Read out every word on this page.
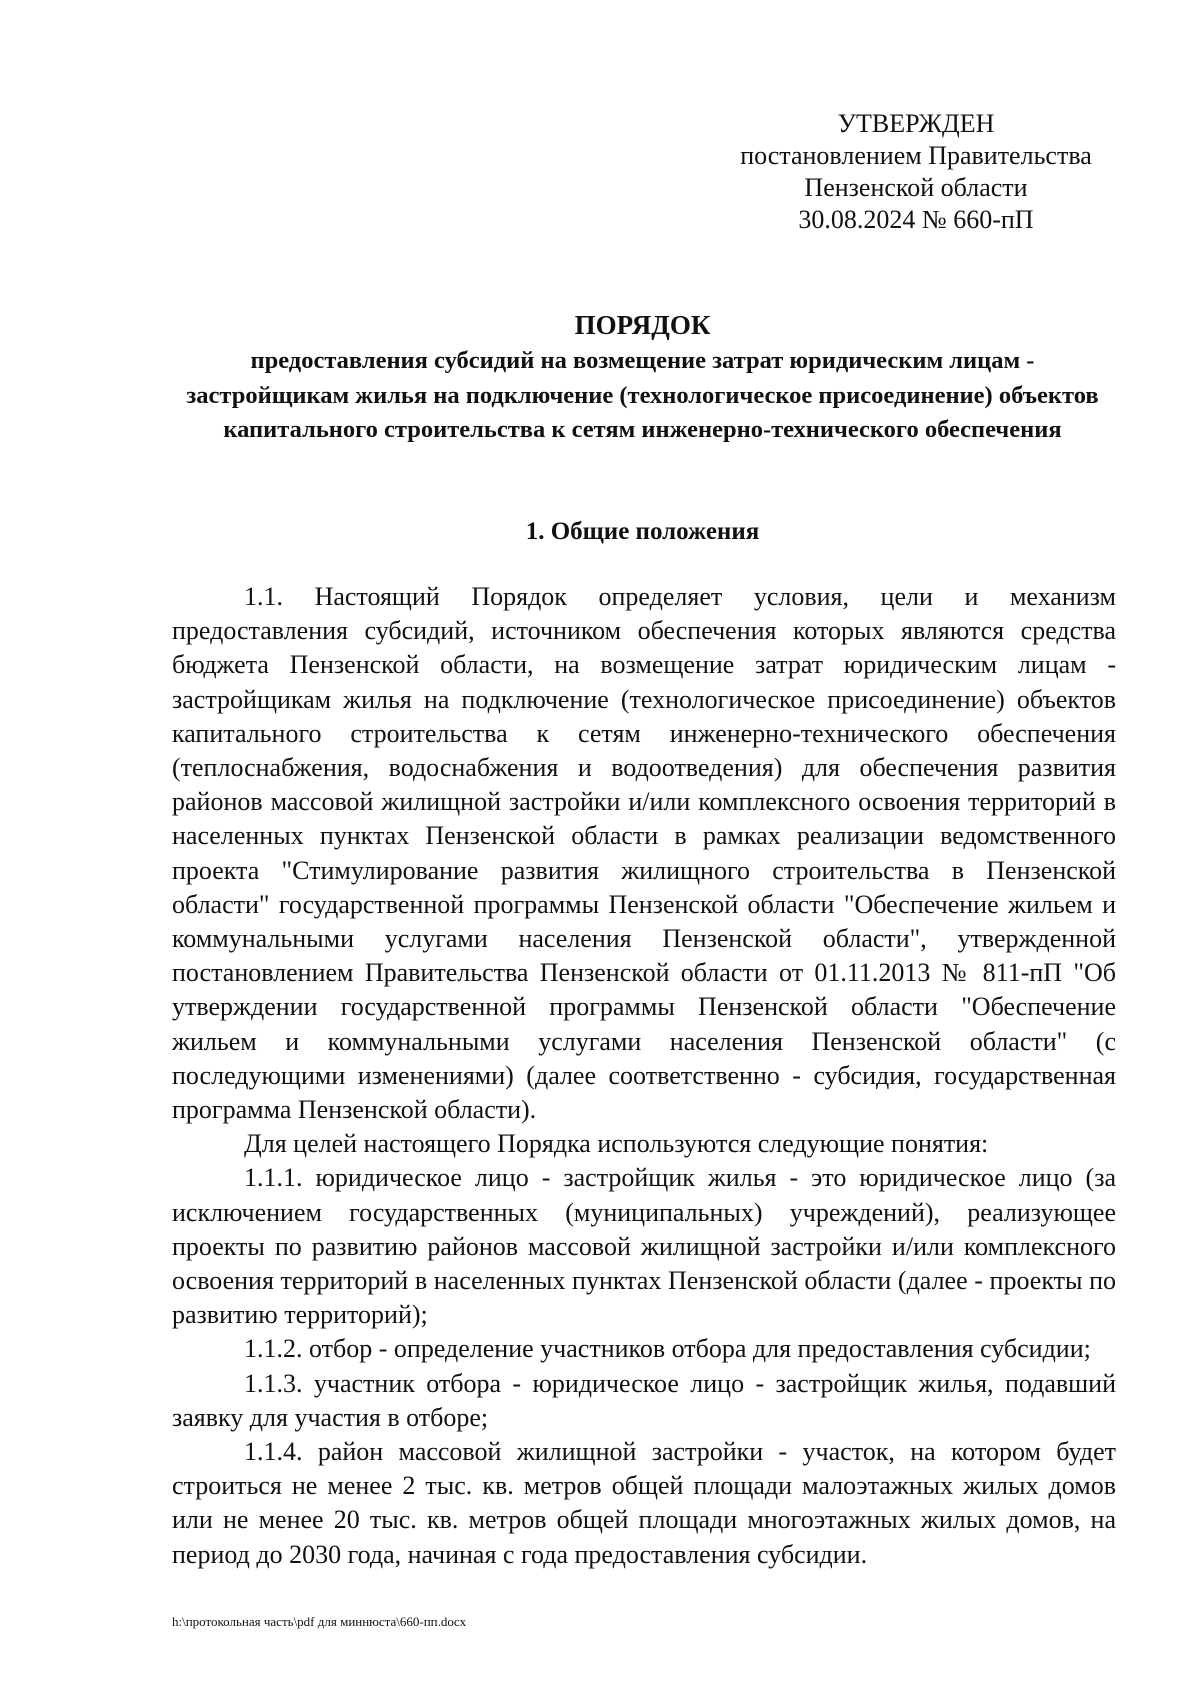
УТВЕРЖДЕН
постановлением Правительства
Пензенской области
30.08.2024 № 660-пП
ПОРЯДОК
предоставления субсидий на возмещение затрат юридическим лицам - застройщикам жилья на подключение (технологическое присоединение) объектов капитального строительства к сетям инженерно-технического обеспечения
1. Общие положения

1.1. Настоящий Порядок определяет условия, цели и механизм предоставления субсидий, источником обеспечения которых являются средства бюджета Пензенской области, на возмещение затрат юридическим лицам - застройщикам жилья на подключение (технологическое присоединение) объектов капитального строительства к сетям инженерно-технического обеспечения (теплоснабжения, водоснабжения и водоотведения) для обеспечения развития районов массовой жилищной застройки и/или комплексного освоения территорий в населенных пунктах Пензенской области в рамках реализации ведомственного проекта "Стимулирование развития жилищного строительства в Пензенской области" государственной программы Пензенской области "Обеспечение жильем и коммунальными услугами населения Пензенской области", утвержденной постановлением Правительства Пензенской области от 01.11.2013 № 811-пП "Об утверждении государственной программы Пензенской области "Обеспечение жильем и коммунальными услугами населения Пензенской области" (с последующими изменениями) (далее соответственно - субсидия, государственная программа Пензенской области).

Для целей настоящего Порядка используются следующие понятия:

1.1.1. юридическое лицо - застройщик жилья - это юридическое лицо (за исключением государственных (муниципальных) учреждений), реализующее проекты по развитию районов массовой жилищной застройки и/или комплексного освоения территорий в населенных пунктах Пензенской области (далее - проекты по развитию территорий);

1.1.2. отбор - определение участников отбора для предоставления субсидии;

1.1.3. участник отбора - юридическое лицо - застройщик жилья, подавший заявку для участия в отборе;

1.1.4. район массовой жилищной застройки - участок, на котором будет строиться не менее 2 тыс. кв. метров общей площади малоэтажных жилых домов или не менее 20 тыс. кв. метров общей площади многоэтажных жилых домов, на период до 2030 года, начиная с года предоставления субсидии.

h:\протокольная часть\pdf для миннюста\660-пп.docx
